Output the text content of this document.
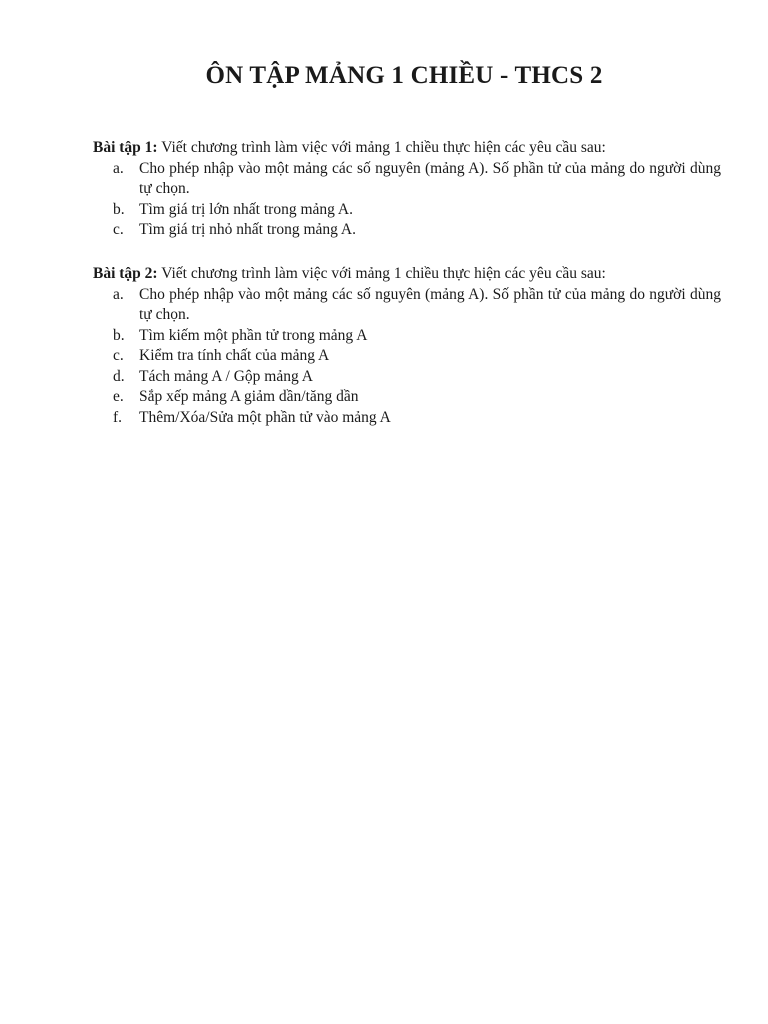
ÔN TẬP MẢNG 1 CHIỀU - THCS 2

Bài tập 1: Viết chương trình làm việc với mảng 1 chiều thực hiện các yêu cầu sau:

a. Cho phép nhập vào một mảng các số nguyên (mảng A). Số phần tử của mảng do người dùng tự chọn.
b. Tìm giá trị lớn nhất trong mảng A.
c. Tìm giá trị nhỏ nhất trong mảng A.

Bài tập 2: Viết chương trình làm việc với mảng 1 chiều thực hiện các yêu cầu sau:

a. Cho phép nhập vào một mảng các số nguyên (mảng A). Số phần tử của mảng do người dùng tự chọn.
b. Tìm kiếm một phần tử trong mảng A
c. Kiểm tra tính chất của mảng A
d. Tách mảng A / Gộp mảng A
e. Sắp xếp mảng A giảm dần/tăng dần
f.	Thêm/Xóa/Sửa một phần tử vào mảng A
